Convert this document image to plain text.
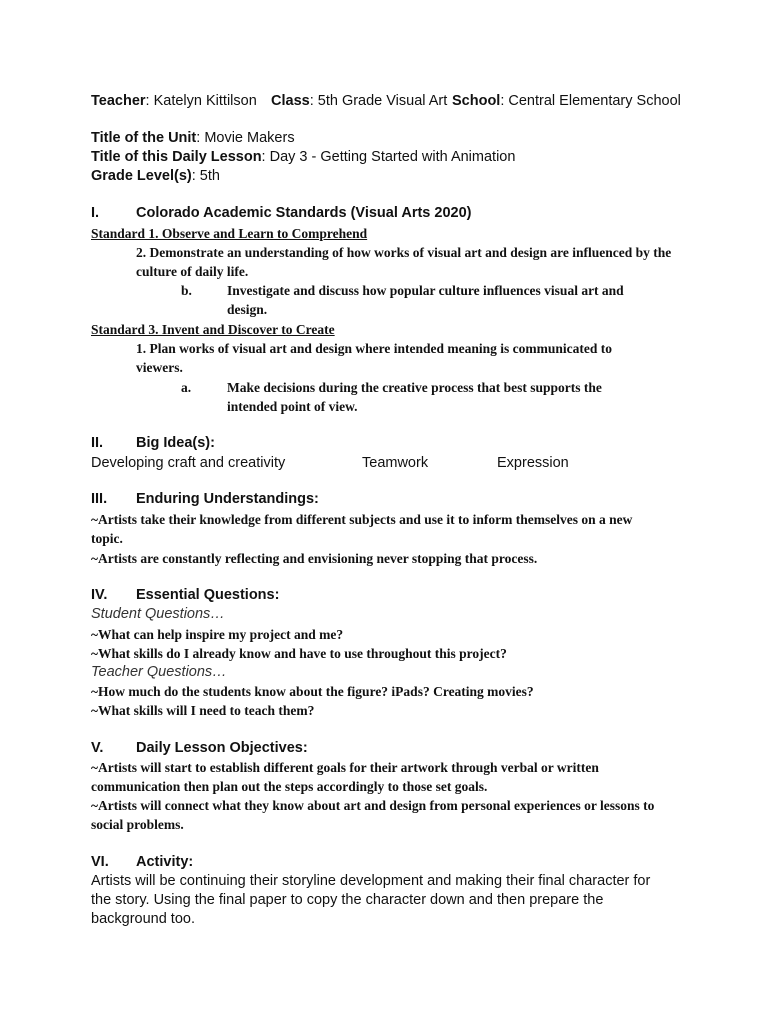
Teacher: Katelyn Kittilson Class: 5th Grade Visual Art School: Central Elementary School
Title of the Unit: Movie Makers
Title of this Daily Lesson: Day 3 - Getting Started with Animation
Grade Level(s): 5th
I.	Colorado Academic Standards (Visual Arts 2020)
Standard 1. Observe and Learn to Comprehend
2. Demonstrate an understanding of how works of visual art and design are influenced by the culture of daily life.
b.	Investigate and discuss how popular culture influences visual art and design.
Standard 3. Invent and Discover to Create
1. Plan works of visual art and design where intended meaning is communicated to viewers.
a.	Make decisions during the creative process that best supports the intended point of view.
II. Big Idea(s):
Developing craft and creativity	Teamwork	Expression
III. Enduring Understandings:
~Artists take their knowledge from different subjects and use it to inform themselves on a new topic.
~Artists are constantly reflecting and envisioning never stopping that process.
IV. Essential Questions:
Student Questions…
~What can help inspire my project and me?
~What skills do I already know and have to use throughout this project?
Teacher Questions…
~How much do the students know about the figure? iPads? Creating movies?
~What skills will I need to teach them?
V. Daily Lesson Objectives:
~Artists will start to establish different goals for their artwork through verbal or written communication then plan out the steps accordingly to those set goals.
~Artists will connect what they know about art and design from personal experiences or lessons to social problems.
VI. Activity:
Artists will be continuing their storyline development and making their final character for the story. Using the final paper to copy the character down and then prepare the background too.
